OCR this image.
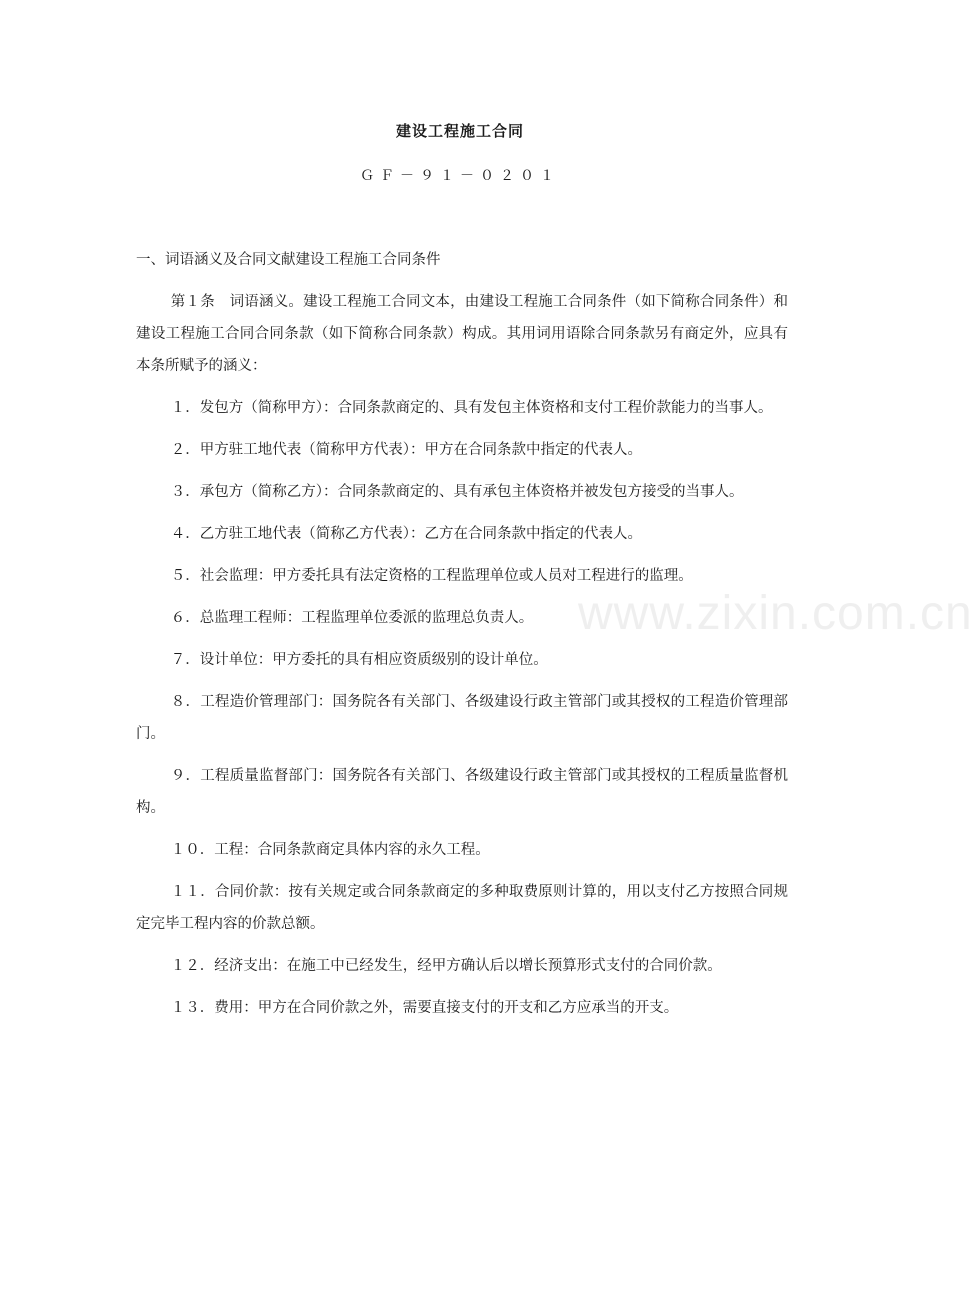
建设工程施工合同
ＧＦ－９１－０２０１

一、词语涵义及合同文献建设工程施工合同条件

第１条　词语涵义。建设工程施工合同文本，由建设工程施工合同条件（如下简称合同条件）和建设工程施工合同合同条款（如下简称合同条款）构成。其用词用语除合同条款另有商定外，应具有本条所赋予的涵义：

１．发包方（简称甲方）：合同条款商定的、具有发包主体资格和支付工程价款能力的当事人。

２．甲方驻工地代表（简称甲方代表）：甲方在合同条款中指定的代表人。

３．承包方（简称乙方）：合同条款商定的、具有承包主体资格并被发包方接受的当事人。

４．乙方驻工地代表（简称乙方代表）：乙方在合同条款中指定的代表人。

５．社会监理：甲方委托具有法定资格的工程监理单位或人员对工程进行的监理。

６．总监理工程师：工程监理单位委派的监理总负责人。

７．设计单位：甲方委托的具有相应资质级别的设计单位。

８．工程造价管理部门：国务院各有关部门、各级建设行政主管部门或其授权的工程造价管理部门。

９．工程质量监督部门：国务院各有关部门、各级建设行政主管部门或其授权的工程质量监督机构。

１０．工程：合同条款商定具体内容的永久工程。

１１．合同价款：按有关规定或合同条款商定的多种取费原则计算的，用以支付乙方按照合同规定完毕工程内容的价款总额。

１２．经济支出：在施工中已经发生，经甲方确认后以增长预算形式支付的合同价款。

１３．费用：甲方在合同价款之外，需要直接支付的开支和乙方应承当的开支。

www.zixin.com.cn
